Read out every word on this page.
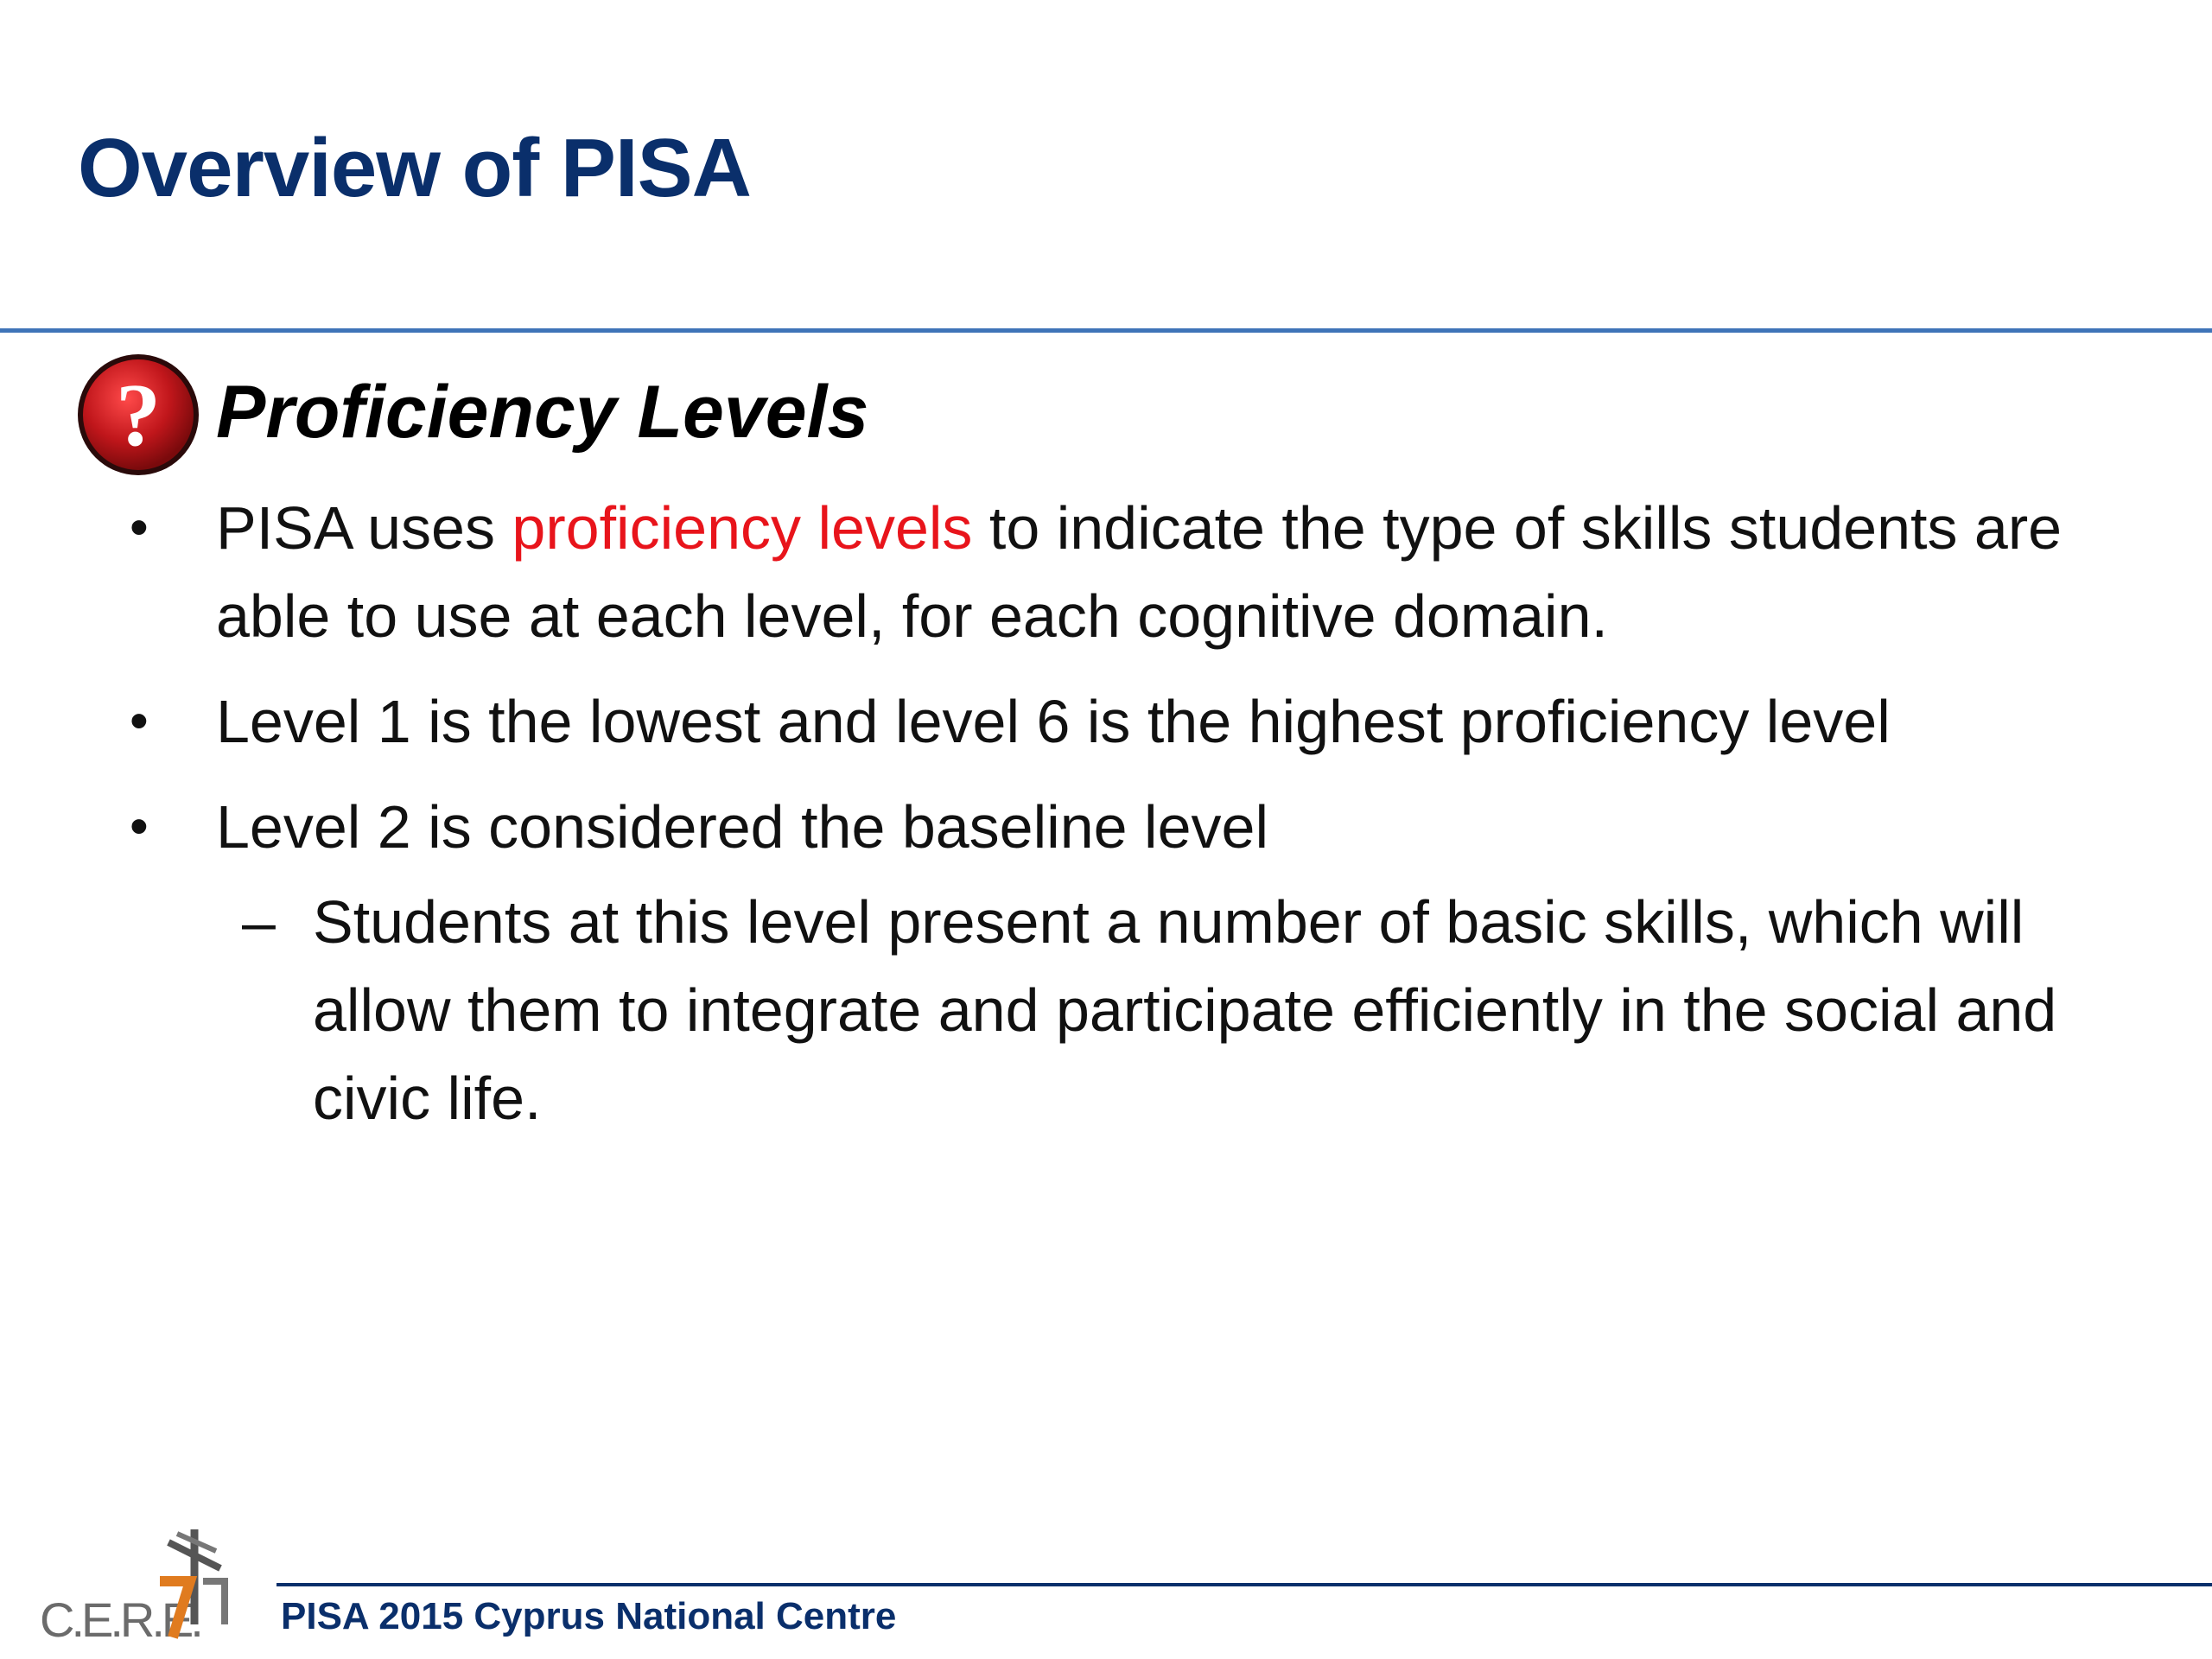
Overview of PISA
? Proficiency Levels
• PISA uses proficiency levels to indicate the type of skills students are able to use at each level, for each cognitive domain.
• Level 1 is the lowest and level 6 is the highest proficiency level
• Level 2 is considered the baseline level
– Students at this level present a number of basic skills, which will allow them to integrate and participate efficiently in the social and civic life.
C.E.R.E. PISA 2015 Cyprus National Centre
